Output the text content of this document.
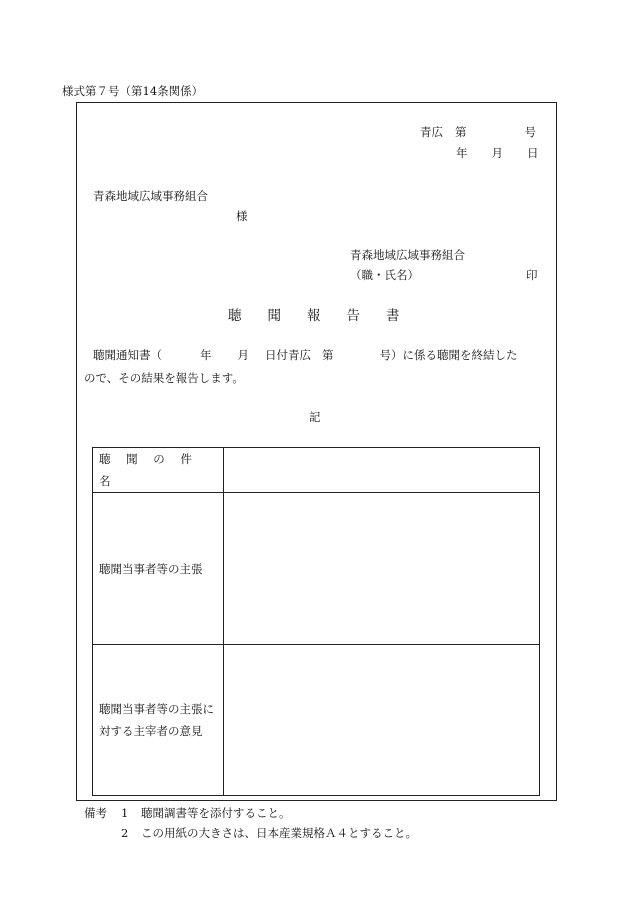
様式第７号（第14条関係）
青広 第	号
年 月 日
青森地域広域事務組合
様
青森地域広域事務組合
（職・氏名）	印
聴 聞 報 告 書
聴聞通知書（	年 月 日付青広 第	号）に係る聴聞を終結した
ので、その結果を報告します。
記
聴 聞 の 件 名	
聴聞当事者等の主張	
聴聞当事者等の主張に対する主宰者の意見	
備考 1 聴聞調書等を添付すること。
2 この用紙の大きさは、日本産業規格Ａ４とすること。
